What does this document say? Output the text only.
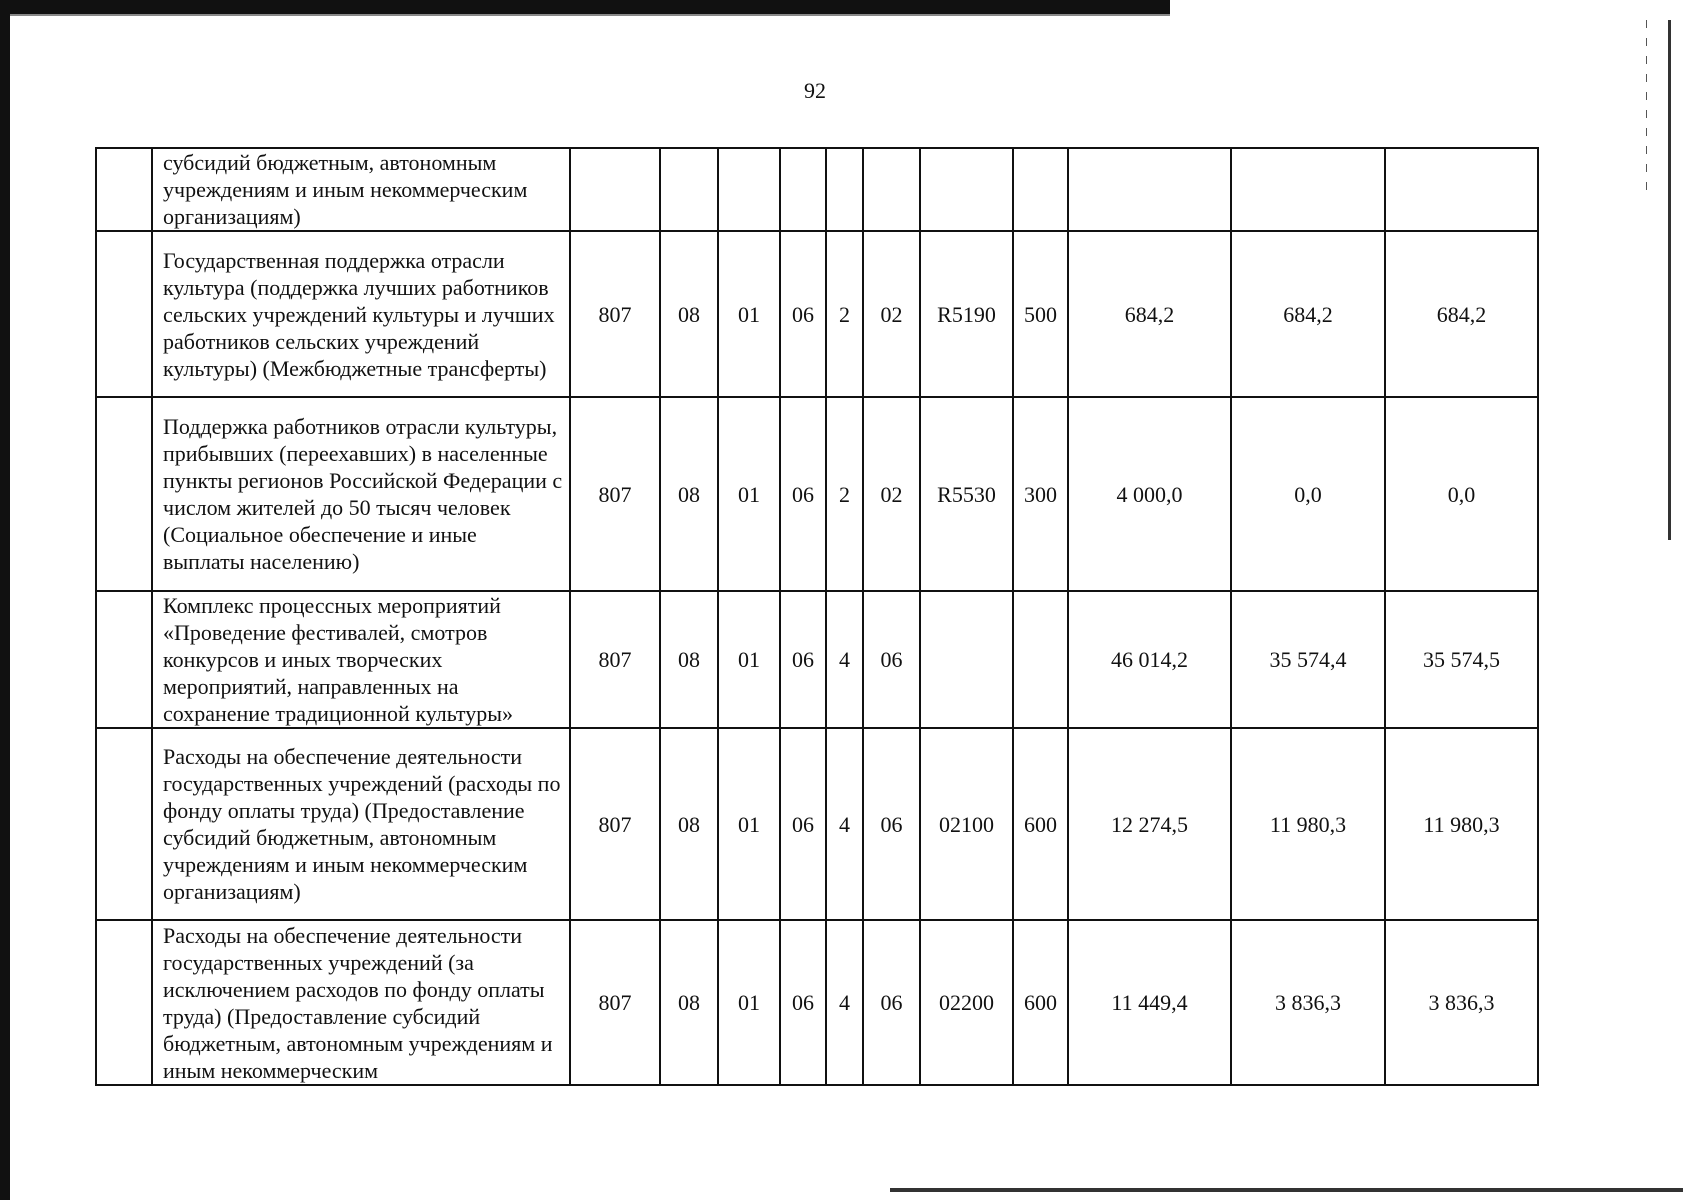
92
	субсидий бюджетным, автономным учреждениям и иным некоммерческим организациям)											
	Государственная поддержка отрасли культура (поддержка лучших работников сельских учреждений культуры и лучших работников сельских учреждений культуры) (Межбюджетные трансферты)	807	08	01	06	2	02	R5190	500	684,2	684,2	684,2
	Поддержка работников отрасли культуры, прибывших (переехавших) в населенные пункты регионов Российской Федерации с числом жителей до 50 тысяч человек (Социальное обеспечение и иные выплаты населению)	807	08	01	06	2	02	R5530	300	4 000,0	0,0	0,0
	Комплекс процессных мероприятий «Проведение фестивалей, смотров конкурсов и иных творческих мероприятий, направленных на сохранение традиционной культуры»	807	08	01	06	4	06			46 014,2	35 574,4	35 574,5
	Расходы на обеспечение деятельности государственных учреждений (расходы по фонду оплаты труда) (Предоставление субсидий бюджетным, автономным учреждениям и иным некоммерческим организациям)	807	08	01	06	4	06	02100	600	12 274,5	11 980,3	11 980,3
	Расходы на обеспечение деятельности государственных учреждений (за исключением расходов по фонду оплаты труда) (Предоставление субсидий бюджетным, автономным учреждениям и иным некоммерческим	807	08	01	06	4	06	02200	600	11 449,4	3 836,3	3 836,3
